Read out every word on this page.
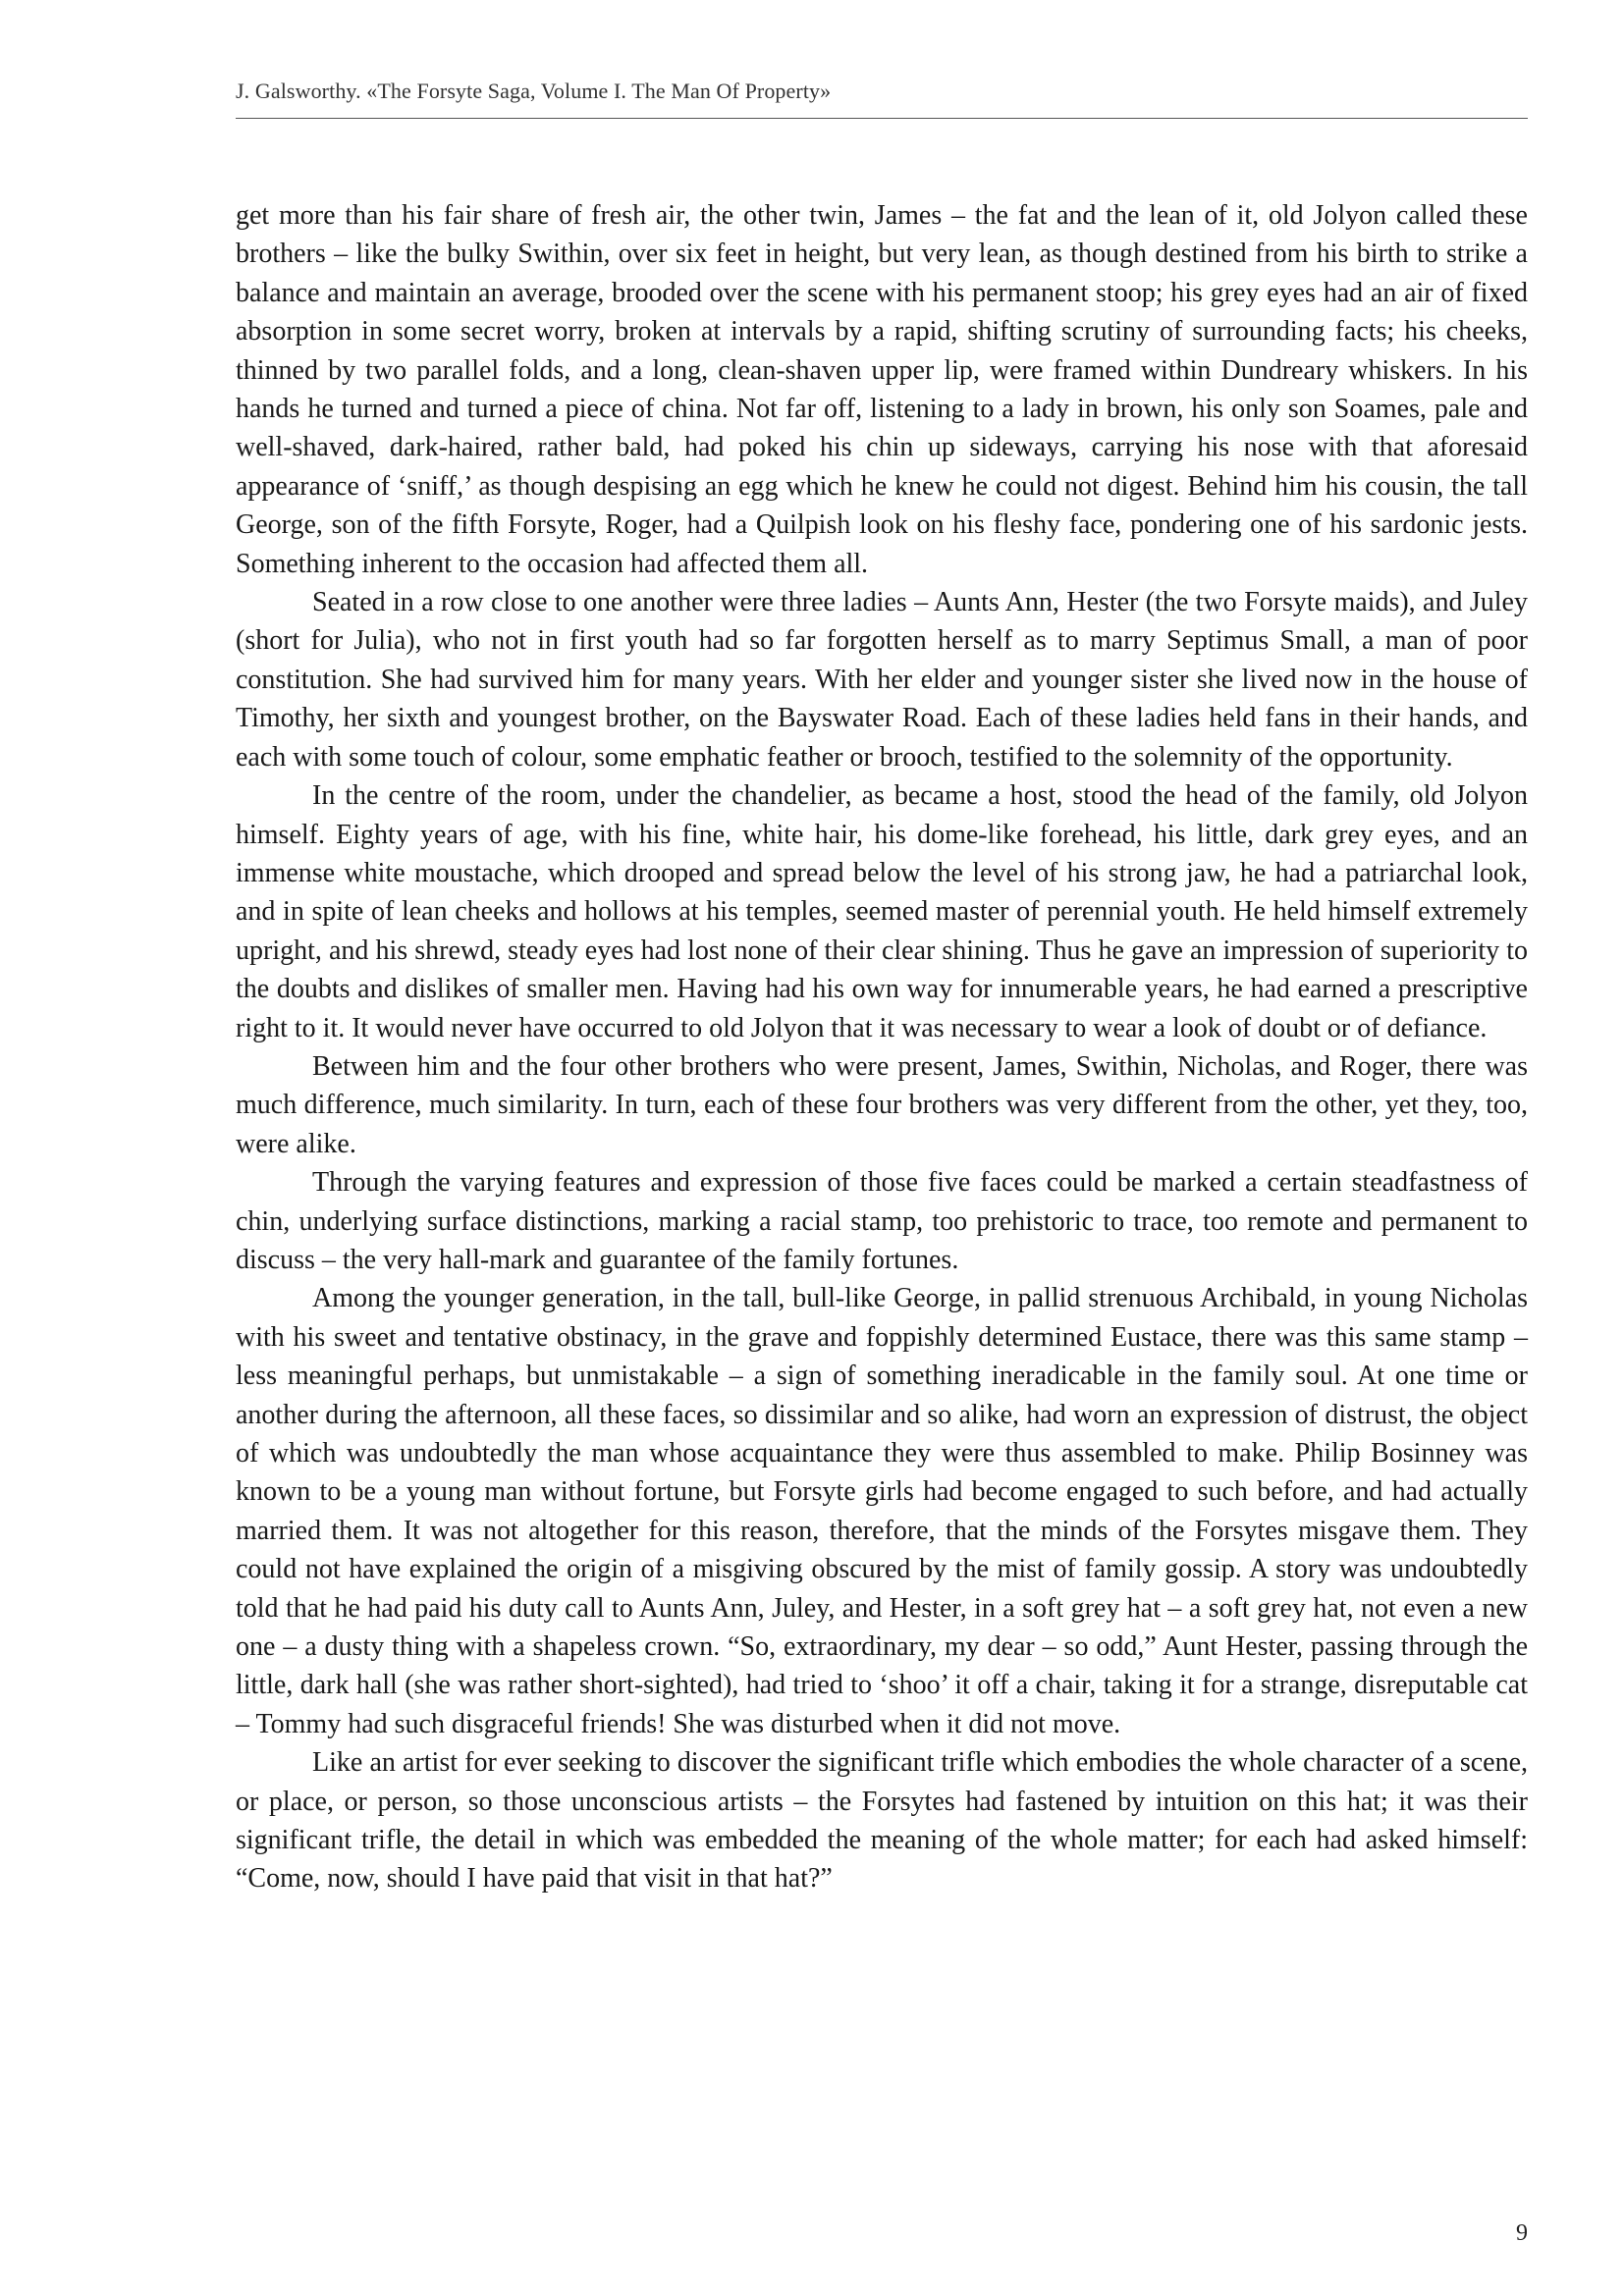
J. Galsworthy. «The Forsyte Saga, Volume I. The Man Of Property»

get more than his fair share of fresh air, the other twin, James – the fat and the lean of it, old Jolyon called these brothers – like the bulky Swithin, over six feet in height, but very lean, as though destined from his birth to strike a balance and maintain an average, brooded over the scene with his permanent stoop; his grey eyes had an air of fixed absorption in some secret worry, broken at intervals by a rapid, shifting scrutiny of surrounding facts; his cheeks, thinned by two parallel folds, and a long, clean-shaven upper lip, were framed within Dundreary whiskers. In his hands he turned and turned a piece of china. Not far off, listening to a lady in brown, his only son Soames, pale and well-shaved, dark-haired, rather bald, had poked his chin up sideways, carrying his nose with that aforesaid appearance of ‘sniff,’ as though despising an egg which he knew he could not digest. Behind him his cousin, the tall George, son of the fifth Forsyte, Roger, had a Quilpish look on his fleshy face, pondering one of his sardonic jests. Something inherent to the occasion had affected them all.

Seated in a row close to one another were three ladies – Aunts Ann, Hester (the two Forsyte maids), and Juley (short for Julia), who not in first youth had so far forgotten herself as to marry Septimus Small, a man of poor constitution. She had survived him for many years. With her elder and younger sister she lived now in the house of Timothy, her sixth and youngest brother, on the Bayswater Road. Each of these ladies held fans in their hands, and each with some touch of colour, some emphatic feather or brooch, testified to the solemnity of the opportunity.

In the centre of the room, under the chandelier, as became a host, stood the head of the family, old Jolyon himself. Eighty years of age, with his fine, white hair, his dome-like forehead, his little, dark grey eyes, and an immense white moustache, which drooped and spread below the level of his strong jaw, he had a patriarchal look, and in spite of lean cheeks and hollows at his temples, seemed master of perennial youth. He held himself extremely upright, and his shrewd, steady eyes had lost none of their clear shining. Thus he gave an impression of superiority to the doubts and dislikes of smaller men. Having had his own way for innumerable years, he had earned a prescriptive right to it. It would never have occurred to old Jolyon that it was necessary to wear a look of doubt or of defiance.

Between him and the four other brothers who were present, James, Swithin, Nicholas, and Roger, there was much difference, much similarity. In turn, each of these four brothers was very different from the other, yet they, too, were alike.

Through the varying features and expression of those five faces could be marked a certain steadfastness of chin, underlying surface distinctions, marking a racial stamp, too prehistoric to trace, too remote and permanent to discuss – the very hall-mark and guarantee of the family fortunes.

Among the younger generation, in the tall, bull-like George, in pallid strenuous Archibald, in young Nicholas with his sweet and tentative obstinacy, in the grave and foppishly determined Eustace, there was this same stamp – less meaningful perhaps, but unmistakable – a sign of something ineradicable in the family soul. At one time or another during the afternoon, all these faces, so dissimilar and so alike, had worn an expression of distrust, the object of which was undoubtedly the man whose acquaintance they were thus assembled to make. Philip Bosinney was known to be a young man without fortune, but Forsyte girls had become engaged to such before, and had actually married them. It was not altogether for this reason, therefore, that the minds of the Forsytes misgave them. They could not have explained the origin of a misgiving obscured by the mist of family gossip. A story was undoubtedly told that he had paid his duty call to Aunts Ann, Juley, and Hester, in a soft grey hat – a soft grey hat, not even a new one – a dusty thing with a shapeless crown. “So, extraordinary, my dear – so odd,” Aunt Hester, passing through the little, dark hall (she was rather short-sighted), had tried to ‘shoo’ it off a chair, taking it for a strange, disreputable cat – Tommy had such disgraceful friends! She was disturbed when it did not move.

Like an artist for ever seeking to discover the significant trifle which embodies the whole character of a scene, or place, or person, so those unconscious artists – the Forsytes had fastened by intuition on this hat; it was their significant trifle, the detail in which was embedded the meaning of the whole matter; for each had asked himself: “Come, now, should I have paid that visit in that hat?”

9
